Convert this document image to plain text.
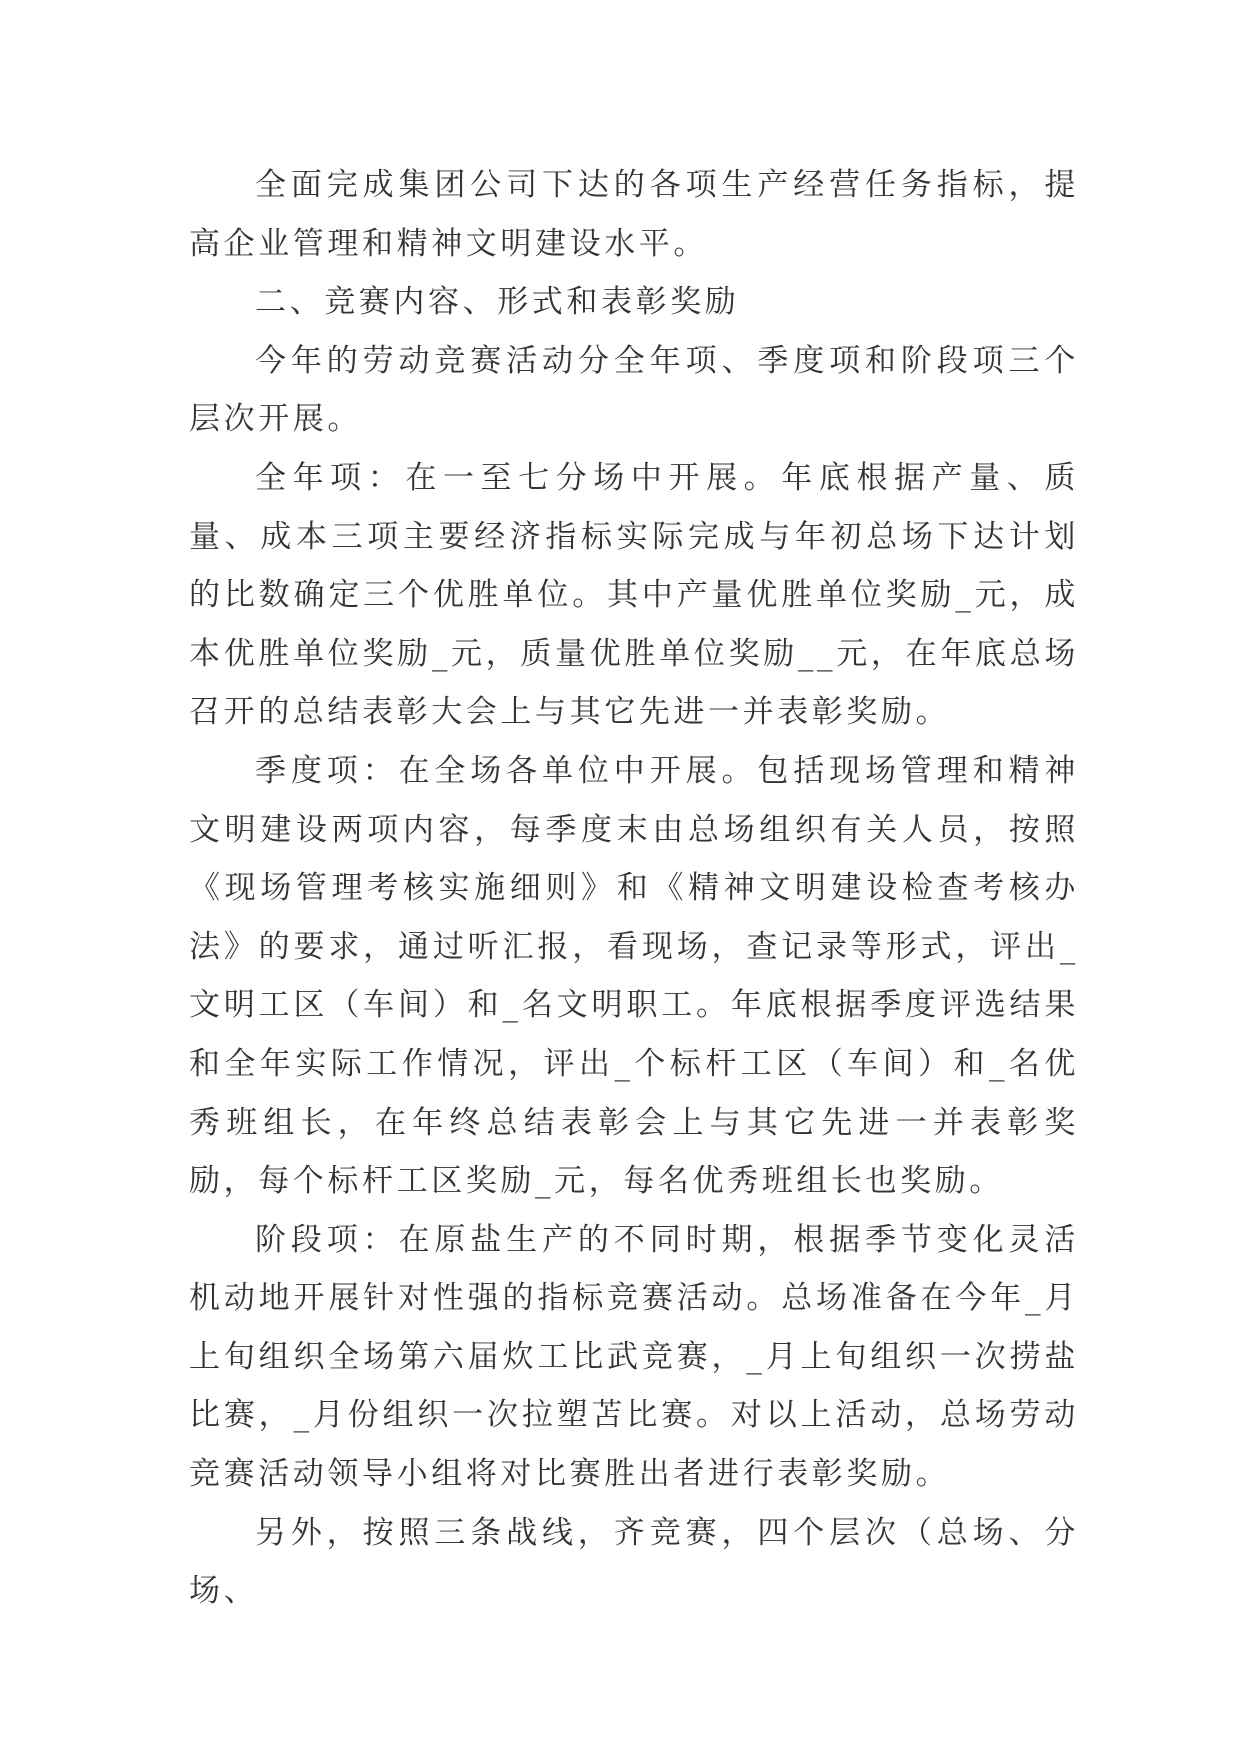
全面完成集团公司下达的各项生产经营任务指标，提高企业管理和精神文明建设水平。

二、竞赛内容、形式和表彰奖励

今年的劳动竞赛活动分全年项、季度项和阶段项三个层次开展。

全年项：在一至七分场中开展。年底根据产量、质量、成本三项主要经济指标实际完成与年初总场下达计划的比数确定三个优胜单位。其中产量优胜单位奖励_元，成本优胜单位奖励_元，质量优胜单位奖励__元，在年底总场召开的总结表彰大会上与其它先进一并表彰奖励。

季度项：在全场各单位中开展。包括现场管理和精神文明建设两项内容，每季度末由总场组织有关人员，按照《现场管理考核实施细则》和《精神文明建设检查考核办法》的要求，通过听汇报，看现场，查记录等形式，评出_文明工区（车间）和_名文明职工。年底根据季度评选结果和全年实际工作情况，评出_个标杆工区（车间）和_名优秀班组长，在年终总结表彰会上与其它先进一并表彰奖励，每个标杆工区奖励_元，每名优秀班组长也奖励。

阶段项：在原盐生产的不同时期，根据季节变化灵活机动地开展针对性强的指标竞赛活动。总场准备在今年_月上旬组织全场第六届炊工比武竞赛，_月上旬组织一次捞盐比赛，_月份组织一次拉塑苫比赛。对以上活动，总场劳动竞赛活动领导小组将对比赛胜出者进行表彰奖励。

另外，按照三条战线，齐竞赛，四个层次（总场、分场、
